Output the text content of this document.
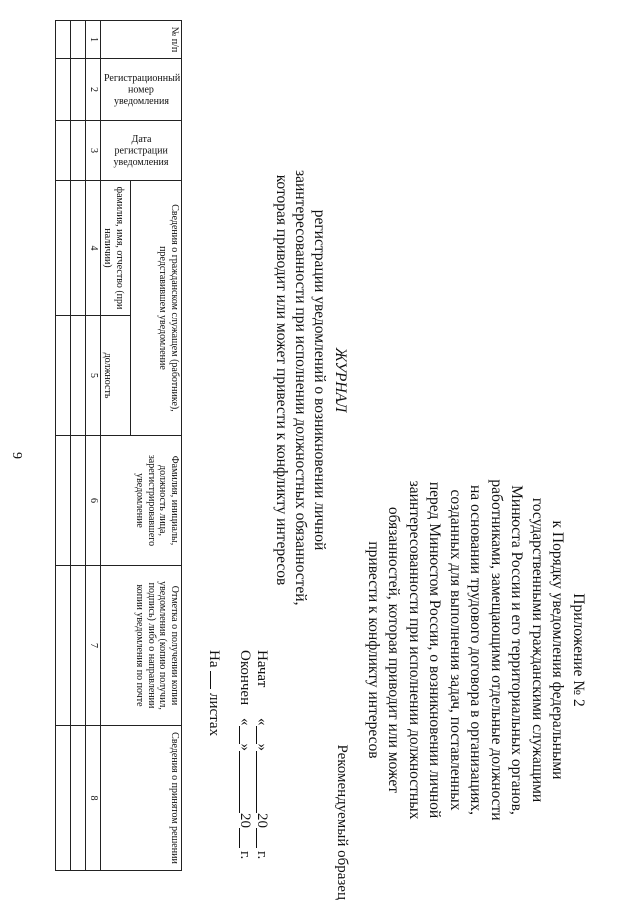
9
Приложение № 2
к Порядку уведомления федеральными
государственными гражданскими служащими
Минюста России и его территориальных органов,
работниками, замещающими отдельные должности
на основании трудового договора в организациях,
созданных для выполнения задач, поставленных
перед Минюстом России, о возникновении личной
заинтересованности при исполнении должностных
обязанностей, которая приводит или может
привести к конфликту интересов
Рекомендуемый образец
ЖУРНАЛ
регистрации уведомлений о возникновении личной
заинтересованности при исполнении должностных обязанностей,
которая приводит или может привести к конфликту интересов
Начат
«
»
20
г.
Окончен
«
»
20
г.
На  листах
№ п/п	Регистрационный номер уведомления	Дата регистрации уведомления	Сведения о гражданском служащем (работнике), представившем уведомление		Фамилия, инициалы, должность лица, зарегистрировавшего уведомление	Отметка о получении копии уведомления (копию получил, подпись) либо о направлении копии уведомления по почте	Сведения о принятом решении
			фамилия, имя, отчество (при наличии)	должность			
1	2	3	4	5	6	7	8
